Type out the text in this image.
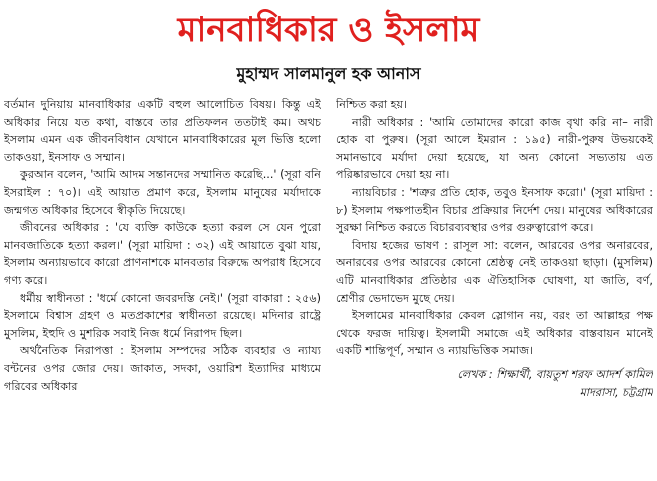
মানবাধিকার ও ইসলাম
মুহাম্মদ সালমানুল হক আনাস

বর্তমান দুনিয়ায় মানবাধিকার একটি বহুল আলোচিত বিষয়। কিন্তু এই অধিকার নিয়ে যত কথা, বাস্তবে তার প্রতিফলন ততটাই কম। অথচ ইসলাম এমন এক জীবনবিধান যেখানে মানবাধিকারের মূল ভিত্তি হলো তাকওয়া, ইনসাফ ও সম্মান।

কুরআন বলেন, 'আমি আদম সন্তানদের সম্মানিত করেছি...' (সূরা বনি ইসরাইল : ৭০)। এই আয়াত প্রমাণ করে, ইসলাম মানুষের মর্যাদাকে জন্মগত অধিকার হিসেবে স্বীকৃতি দিয়েছে।

জীবনের অধিকার : 'যে ব্যক্তি কাউকে হত্যা করল সে যেন পুরো মানবজাতিকে হত্যা করল।' (সূরা মায়িদা : ৩২) এই আয়াতে বুঝা যায়, ইসলাম অন্যায়ভাবে কারো প্রাণনাশকে মানবতার বিরুদ্ধে অপরাধ হিসেবে গণ্য করে।

ধর্মীয় স্বাধীনতা : 'ধর্মে কোনো জবরদস্তি নেই।' (সূরা বাকারা : ২৫৬) ইসলামে বিশ্বাস গ্রহণ ও মতপ্রকাশের স্বাধীনতা রয়েছে। মদিনার রাষ্ট্রে মুসলিম, ইহুদি ও মুশরিক সবাই নিজ ধর্মে নিরাপদ ছিল।

অর্থনৈতিক নিরাপত্তা : ইসলাম সম্পদের সঠিক ব্যবহার ও ন্যায্য বন্টনের ওপর জোর দেয়। জাকাত, সদকা, ওয়ারিশ ইত্যাদির মাধ্যমে গরিবের অধিকার

নিশ্চিত করা হয়।

নারী অধিকার : 'আমি তোমাদের কারো কাজ বৃথা করি না– নারী হোক বা পুরুষ। (সূরা আলে ইমরান : ১৯৫) নারী-পুরুষ উভয়কেই সমানভাবে মর্যাদা দেয়া হয়েছে, যা অন্য কোনো সভ্যতায় এত পরিষ্কারভাবে দেয়া হয় না।

ন্যায়বিচার : 'শত্রুর প্রতি হোক, তবুও ইনসাফ করো।' (সূরা মায়িদা : ৮) ইসলাম পক্ষপাতহীন বিচার প্রক্রিয়ার নির্দেশ দেয়। মানুষের অধিকারের সুরক্ষা নিশ্চিত করতে বিচারব্যবস্থার ওপর গুরুত্বারোপ করে।

বিদায় হজের ভাষণ : রাসূল সা: বলেন, আরবের ওপর অনারবের, অনারবের ওপর আরবের কোনো শ্রেষ্ঠত্ব নেই তাকওয়া ছাড়া। (মুসলিম) এটি মানবাধিকার প্রতিষ্ঠার এক ঐতিহাসিক ঘোষণা, যা জাতি, বর্ণ, শ্রেণীর ভেদাভেদ মুছে দেয়।

ইসলামের মানবাধিকার কেবল স্লোগান নয়, বরং তা আল্লাহর পক্ষ থেকে ফরজ দায়িত্ব। ইসলামী সমাজে এই অধিকার বাস্তবায়ন মানেই একটি শান্তিপূর্ণ, সম্মান ও ন্যায়ভিত্তিক সমাজ।

লেখক : শিক্ষার্থী, বায়তুশ শরফ আদর্শ কামিল
মাদরাসা, চট্টগ্রাম
